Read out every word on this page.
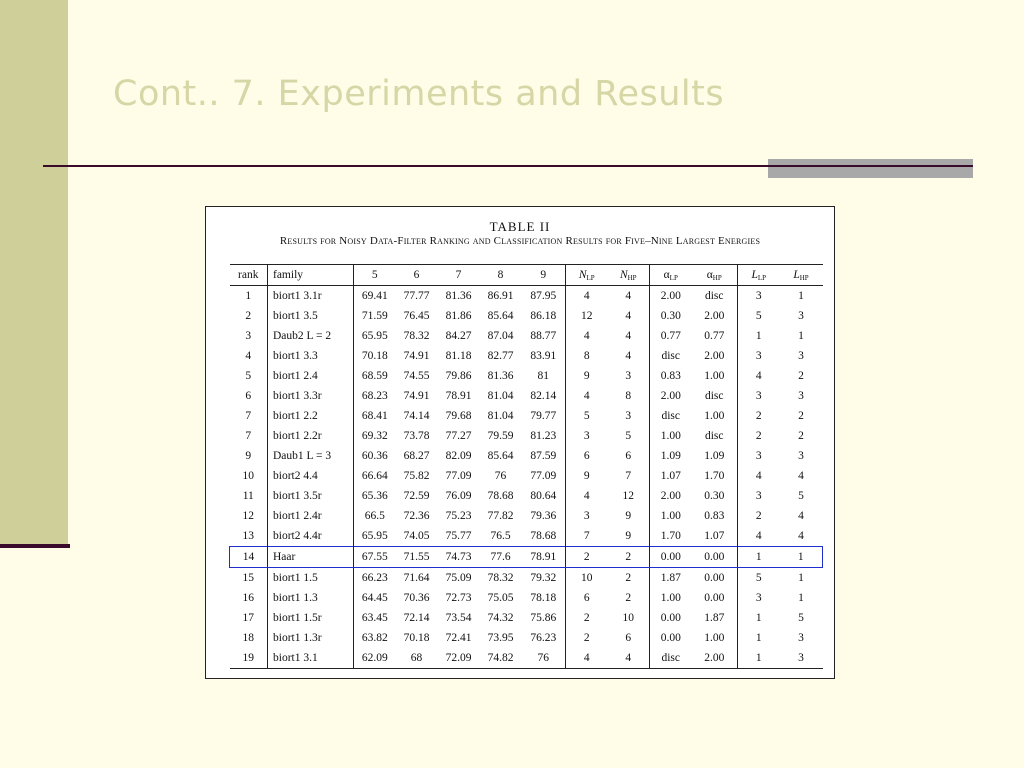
Cont.. 7. Experiments and Results
TABLE II
Results for Noisy Data-Filter Ranking and Classification Results for Five–Nine Largest Energies
rank	family	5	6	7	8	9	$N_{LP}$	$N_{HP}$	$\alpha_{LP}$	$\alpha_{HP}$	$L_{LP}$	$L_{HP}$
1	biort1 3.1r	69.41	77.77	81.36	86.91	87.95	4	4	2.00	disc	3	1
2	biort1 3.5	71.59	76.45	81.86	85.64	86.18	12	4	0.30	2.00	5	3
3	Daub2 L = 2	65.95	78.32	84.27	87.04	88.77	4	4	0.77	0.77	1	1
4	biort1 3.3	70.18	74.91	81.18	82.77	83.91	8	4	disc	2.00	3	3
5	biort1 2.4	68.59	74.55	79.86	81.36	81	9	3	0.83	1.00	4	2
6	biort1 3.3r	68.23	74.91	78.91	81.04	82.14	4	8	2.00	disc	3	3
7	biort1 2.2	68.41	74.14	79.68	81.04	79.77	5	3	disc	1.00	2	2
7	biort1 2.2r	69.32	73.78	77.27	79.59	81.23	3	5	1.00	disc	2	2
9	Daub1 L = 3	60.36	68.27	82.09	85.64	87.59	6	6	1.09	1.09	3	3
10	biort2 4.4	66.64	75.82	77.09	76	77.09	9	7	1.07	1.70	4	4
11	biort1 3.5r	65.36	72.59	76.09	78.68	80.64	4	12	2.00	0.30	3	5
12	biort1 2.4r	66.5	72.36	75.23	77.82	79.36	3	9	1.00	0.83	2	4
13	biort2 4.4r	65.95	74.05	75.77	76.5	78.68	7	9	1.70	1.07	4	4
14	Haar	67.55	71.55	74.73	77.6	78.91	2	2	0.00	0.00	1	1
15	biort1 1.5	66.23	71.64	75.09	78.32	79.32	10	2	1.87	0.00	5	1
16	biort1 1.3	64.45	70.36	72.73	75.05	78.18	6	2	1.00	0.00	3	1
17	biort1 1.5r	63.45	72.14	73.54	74.32	75.86	2	10	0.00	1.87	1	5
18	biort1 1.3r	63.82	70.18	72.41	73.95	76.23	2	6	0.00	1.00	1	3
19	biort1 3.1	62.09	68	72.09	74.82	76	4	4	disc	2.00	1	3
